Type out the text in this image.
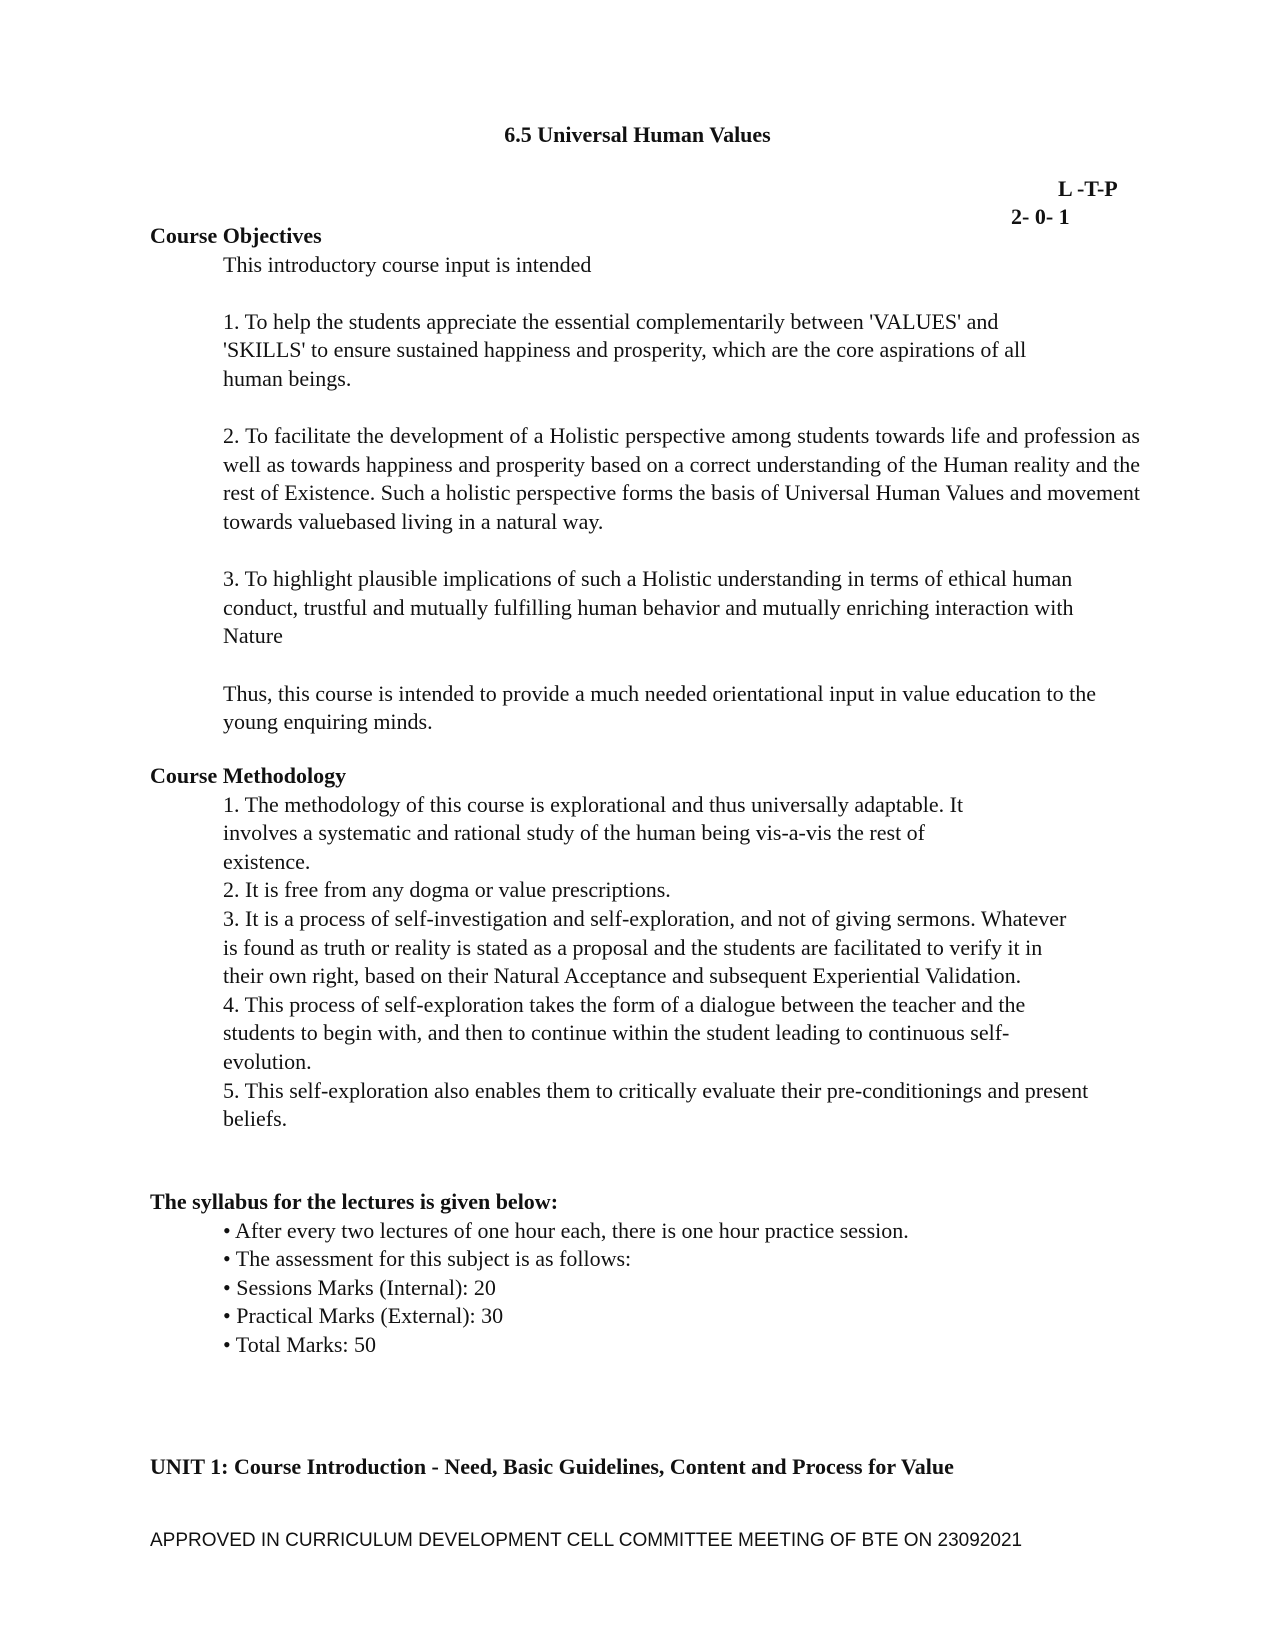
6.5 Universal Human Values
L -T-P
2- 0- 1

Course Objectives

This introductory course input is intended

1. To help the students appreciate the essential complementarily between 'VALUES' and 'SKILLS' to ensure sustained happiness and prosperity, which are the core aspirations of all human beings.

2. To facilitate the development of a Holistic perspective among students towards life and profession as well as towards happiness and prosperity based on a correct understanding of the Human reality and the rest of Existence. Such a holistic perspective forms the basis of Universal Human Values and movement towards valuebased living in a natural way.

3. To highlight plausible implications of such a Holistic understanding in terms of ethical human conduct, trustful and mutually fulfilling human behavior and mutually enriching interaction with Nature

Thus, this course is intended to provide a much needed orientational input in value education to the young enquiring minds.

Course Methodology

1. The methodology of this course is explorational and thus universally adaptable. It involves a systematic and rational study of the human being vis-a-vis the rest of existence.

2. It is free from any dogma or value prescriptions.

3. It is a process of self-investigation and self-exploration, and not of giving sermons. Whatever is found as truth or reality is stated as a proposal and the students are facilitated to verify it in their own right, based on their Natural Acceptance and subsequent Experiential Validation.

4. This process of self-exploration takes the form of a dialogue between the teacher and the students to begin with, and then to continue within the student leading to continuous self-evolution.

5. This self-exploration also enables them to critically evaluate their pre-conditionings and present beliefs.

The syllabus for the lectures is given below:

• After every two lectures of one hour each, there is one hour practice session.

• The assessment for this subject is as follows:

• Sessions Marks (Internal): 20

• Practical Marks (External): 30

• Total Marks: 50

UNIT 1: Course Introduction - Need, Basic Guidelines, Content and Process for Value
APPROVED IN CURRICULUM DEVELOPMENT CELL COMMITTEE MEETING OF BTE ON 23092021
